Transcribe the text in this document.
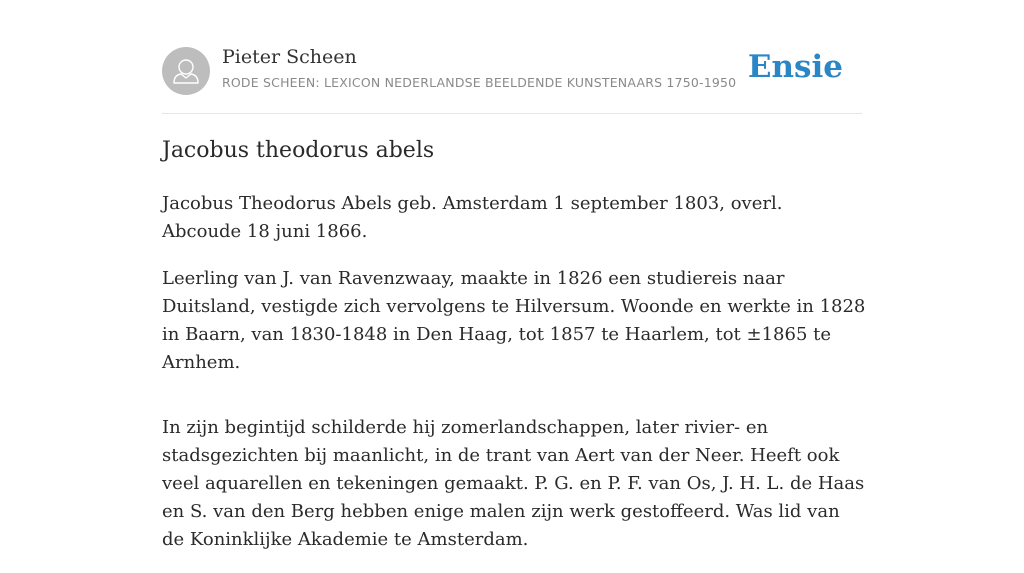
Pieter Scheen
RODE SCHEEN: LEXICON NEDERLANDSE BEELDENDE KUNSTENAARS 1750-1950 Ensie
Jacobus theodorus abels

Jacobus Theodorus Abels geb. Amsterdam 1 september 1803, overl. Abcoude 18 juni 1866.

Leerling van J. van Ravenzwaay, maakte in 1826 een studiereis naar Duitsland, vestigde zich vervolgens te Hilversum. Woonde en werkte in 1828 in Baarn, van 1830-1848 in Den Haag, tot 1857 te Haarlem, tot ±1865 te Arnhem.

In zijn begintijd schilderde hij zomerlandschappen, later rivier- en stadsgezichten bij maanlicht, in de trant van Aert van der Neer. Heeft ook veel aquarellen en tekeningen gemaakt. P. G. en P. F. van Os, J. H. L. de Haas en S. van den Berg hebben enige malen zijn werk gestoffeerd. Was lid van de Koninklijke Akademie te Amsterdam.
